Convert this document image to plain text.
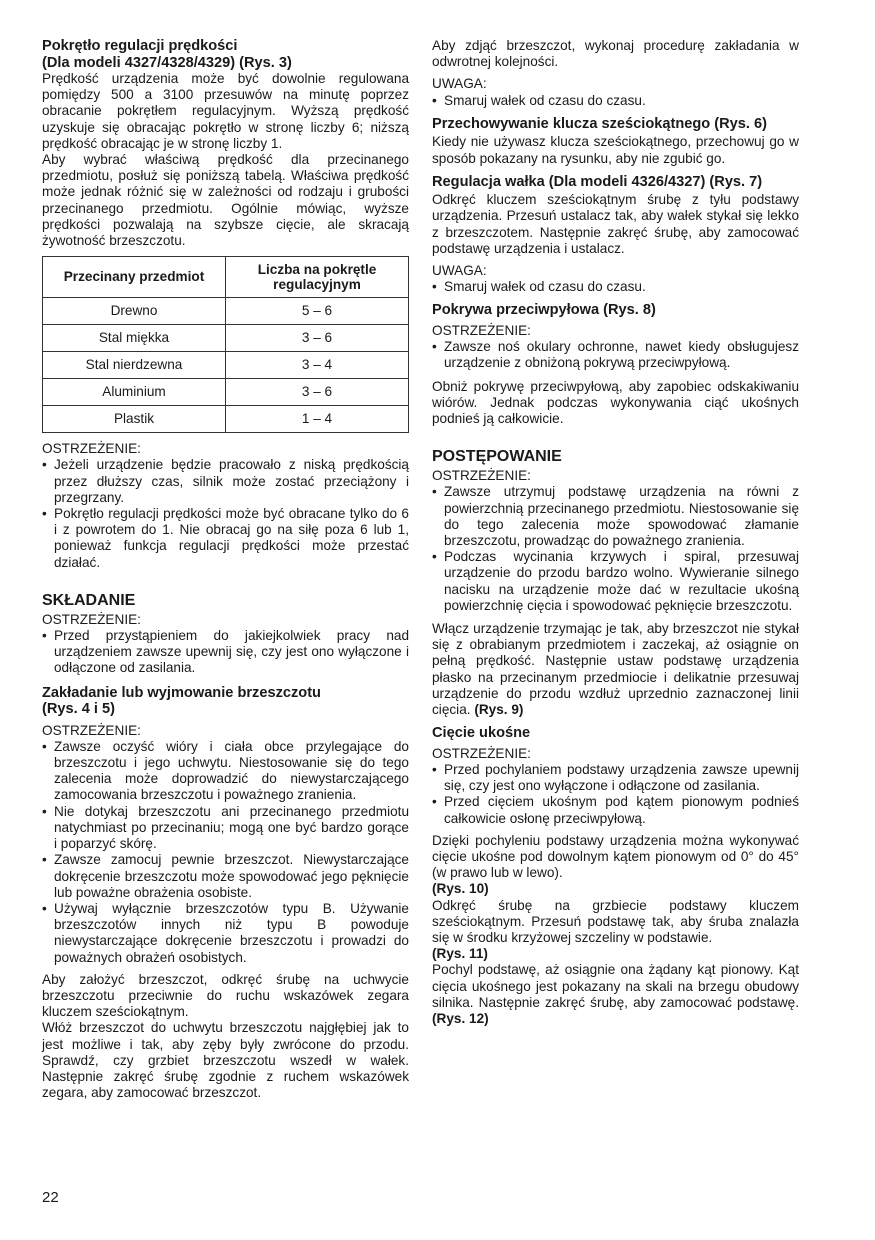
Pokrętło regulacji prędkości
(Dla modeli 4327/4328/4329) (Rys. 3)

Prędkość urządzenia może być dowolnie regulowana pomiędzy 500 a 3100 przesuwów na minutę poprzez obracanie pokrętłem regulacyjnym. Wyższą prędkość uzyskuje się obracając pokrętło w stronę liczby 6; niższą prędkość obracając je w stronę liczby 1.

Aby wybrać właściwą prędkość dla przecinanego przedmiotu, posłuż się poniższą tabelą. Właściwa prędkość może jednak różnić się w zależności od rodzaju i grubości przecinanego przedmiotu. Ogólnie mówiąc, wyższe prędkości pozwalają na szybsze cięcie, ale skracają żywotność brzeszczotu.

Przecinany przedmiot	Liczba na pokrętle regulacyjnym
Drewno	5 – 6
Stal miękka	3 – 6
Stal nierdzewna	3 – 4
Aluminium	3 – 6
Plastik	1 – 4
OSTRZEŻENIE:
• Jeżeli urządzenie będzie pracowało z niską prędkością przez dłuższy czas, silnik może zostać przeciążony i przegrzany.
• Pokrętło regulacji prędkości może być obracane tylko do 6 i z powrotem do 1. Nie obracaj go na siłę poza 6 lub 1, ponieważ funkcja regulacji prędkości może przestać działać.
SKŁADANIE
OSTRZEŻENIE:
• Przed przystąpieniem do jakiejkolwiek pracy nad urządzeniem zawsze upewnij się, czy jest ono wyłączone i odłączone od zasilania.
Zakładanie lub wyjmowanie brzeszczotu
(Rys. 4 i 5)
OSTRZEŻENIE:
• Zawsze oczyść wióry i ciała obce przylegające do brzeszczotu i jego uchwytu. Niestosowanie się do tego zalecenia może doprowadzić do niewystarczającego zamocowania brzeszczotu i poważnego zranienia.
• Nie dotykaj brzeszczotu ani przecinanego przedmiotu natychmiast po przecinaniu; mogą one być bardzo gorące i poparzyć skórę.
• Zawsze zamocuj pewnie brzeszczot. Niewystarczające dokręcenie brzeszczotu może spowodować jego pęknięcie lub poważne obrażenia osobiste.
• Używaj wyłącznie brzeszczotów typu B. Używanie brzeszczotów innych niż typu B powoduje niewystarczające dokręcenie brzeszczotu i prowadzi do poważnych obrażeń osobistych.

Aby założyć brzeszczot, odkręć śrubę na uchwycie brzeszczotu przeciwnie do ruchu wskazówek zegara kluczem sześciokątnym.

Włóż brzeszczot do uchwytu brzeszczotu najgłębiej jak to jest możliwe i tak, aby zęby były zwrócone do przodu. Sprawdź, czy grzbiet brzeszczotu wszedł w wałek. Następnie zakręć śrubę zgodnie z ruchem wskazówek zegara, aby zamocować brzeszczot.

Aby zdjąć brzeszczot, wykonaj procedurę zakładania w odwrotnej kolejności.

UWAGA:
• Smaruj wałek od czasu do czasu.
Przechowywanie klucza sześciokątnego (Rys. 6)

Kiedy nie używasz klucza sześciokątnego, przechowuj go w sposób pokazany na rysunku, aby nie zgubić go.

Regulacja wałka (Dla modeli 4326/4327) (Rys. 7)

Odkręć kluczem sześciokątnym śrubę z tyłu podstawy urządzenia. Przesuń ustalacz tak, aby wałek stykał się lekko z brzeszczotem. Następnie zakręć śrubę, aby zamocować podstawę urządzenia i ustalacz.

UWAGA:
• Smaruj wałek od czasu do czasu.
Pokrywa przeciwpyłowa (Rys. 8)
OSTRZEŻENIE:
• Zawsze noś okulary ochronne, nawet kiedy obsługujesz urządzenie z obniżoną pokrywą przeciwpyłową.

Obniż pokrywę przeciwpyłową, aby zapobiec odskakiwaniu wiórów. Jednak podczas wykonywania ciąć ukośnych podnieś ją całkowicie.

POSTĘPOWANIE
OSTRZEŻENIE:
• Zawsze utrzymuj podstawę urządzenia na równi z powierzchnią przecinanego przedmiotu. Niestosowanie się do tego zalecenia może spowodować złamanie brzeszczotu, prowadząc do poważnego zranienia.
• Podczas wycinania krzywych i spiral, przesuwaj urządzenie do przodu bardzo wolno. Wywieranie silnego nacisku na urządzenie może dać w rezultacie ukośną powierzchnię cięcia i spowodować pęknięcie brzeszczotu.

Włącz urządzenie trzymając je tak, aby brzeszczot nie stykał się z obrabianym przedmiotem i zaczekaj, aż osiągnie on pełną prędkość. Następnie ustaw podstawę urządzenia płasko na przecinanym przedmiocie i delikatnie przesuwaj urządzenie do przodu wzdłuż uprzednio zaznaczonej linii cięcia. (Rys. 9)

Cięcie ukośne
OSTRZEŻENIE:
• Przed pochylaniem podstawy urządzenia zawsze upewnij się, czy jest ono wyłączone i odłączone od zasilania.
• Przed cięciem ukośnym pod kątem pionowym podnieś całkowicie osłonę przeciwpyłową.

Dzięki pochyleniu podstawy urządzenia można wykonywać cięcie ukośne pod dowolnym kątem pionowym od 0° do 45° (w prawo lub w lewo).

(Rys. 10)

Odkręć śrubę na grzbiecie podstawy kluczem sześciokątnym. Przesuń podstawę tak, aby śruba znalazła się w środku krzyżowej szczeliny w podstawie.

(Rys. 11)

Pochyl podstawę, aż osiągnie ona żądany kąt pionowy. Kąt cięcia ukośnego jest pokazany na skali na brzegu obudowy silnika. Następnie zakręć śrubę, aby zamocować podstawę. (Rys. 12)

22
